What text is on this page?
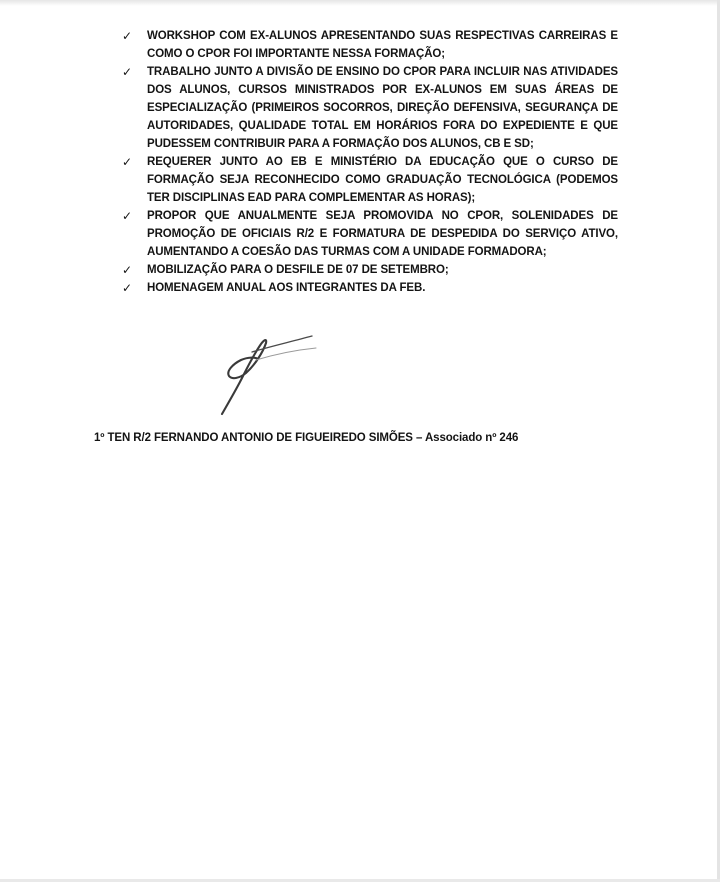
✓ WORKSHOP COM EX-ALUNOS APRESENTANDO SUAS RESPECTIVAS CARREIRAS E COMO O CPOR FOI IMPORTANTE NESSA FORMAÇÃO;
✓ TRABALHO JUNTO A DIVISÃO DE ENSINO DO CPOR PARA INCLUIR NAS ATIVIDADES DOS ALUNOS, CURSOS MINISTRADOS POR EX-ALUNOS EM SUAS ÁREAS DE ESPECIALIZAÇÃO (PRIMEIROS SOCORROS, DIREÇÃO DEFENSIVA, SEGURANÇA DE AUTORIDADES, QUALIDADE TOTAL EM HORÁRIOS FORA DO EXPEDIENTE E QUE PUDESSEM CONTRIBUIR PARA A FORMAÇÃO DOS ALUNOS, CB E SD;
✓ REQUERER JUNTO AO EB E MINISTÉRIO DA EDUCAÇÃO QUE O CURSO DE FORMAÇÃO SEJA RECONHECIDO COMO GRADUAÇÃO TECNOLÓGICA (PODEMOS TER DISCIPLINAS EAD PARA COMPLEMENTAR AS HORAS);
✓ PROPOR QUE ANUALMENTE SEJA PROMOVIDA NO CPOR, SOLENIDADES DE PROMOÇÃO DE OFICIAIS R/2 E FORMATURA DE DESPEDIDA DO SERVIÇO ATIVO, AUMENTANDO A COESÃO DAS TURMAS COM A UNIDADE FORMADORA;
✓ MOBILIZAÇÃO PARA O DESFILE DE 07 DE SETEMBRO;
✓ HOMENAGEM ANUAL AOS INTEGRANTES DA FEB.
1º TEN R/2 FERNANDO ANTONIO DE FIGUEIREDO SIMÕES – Associado nº 246
